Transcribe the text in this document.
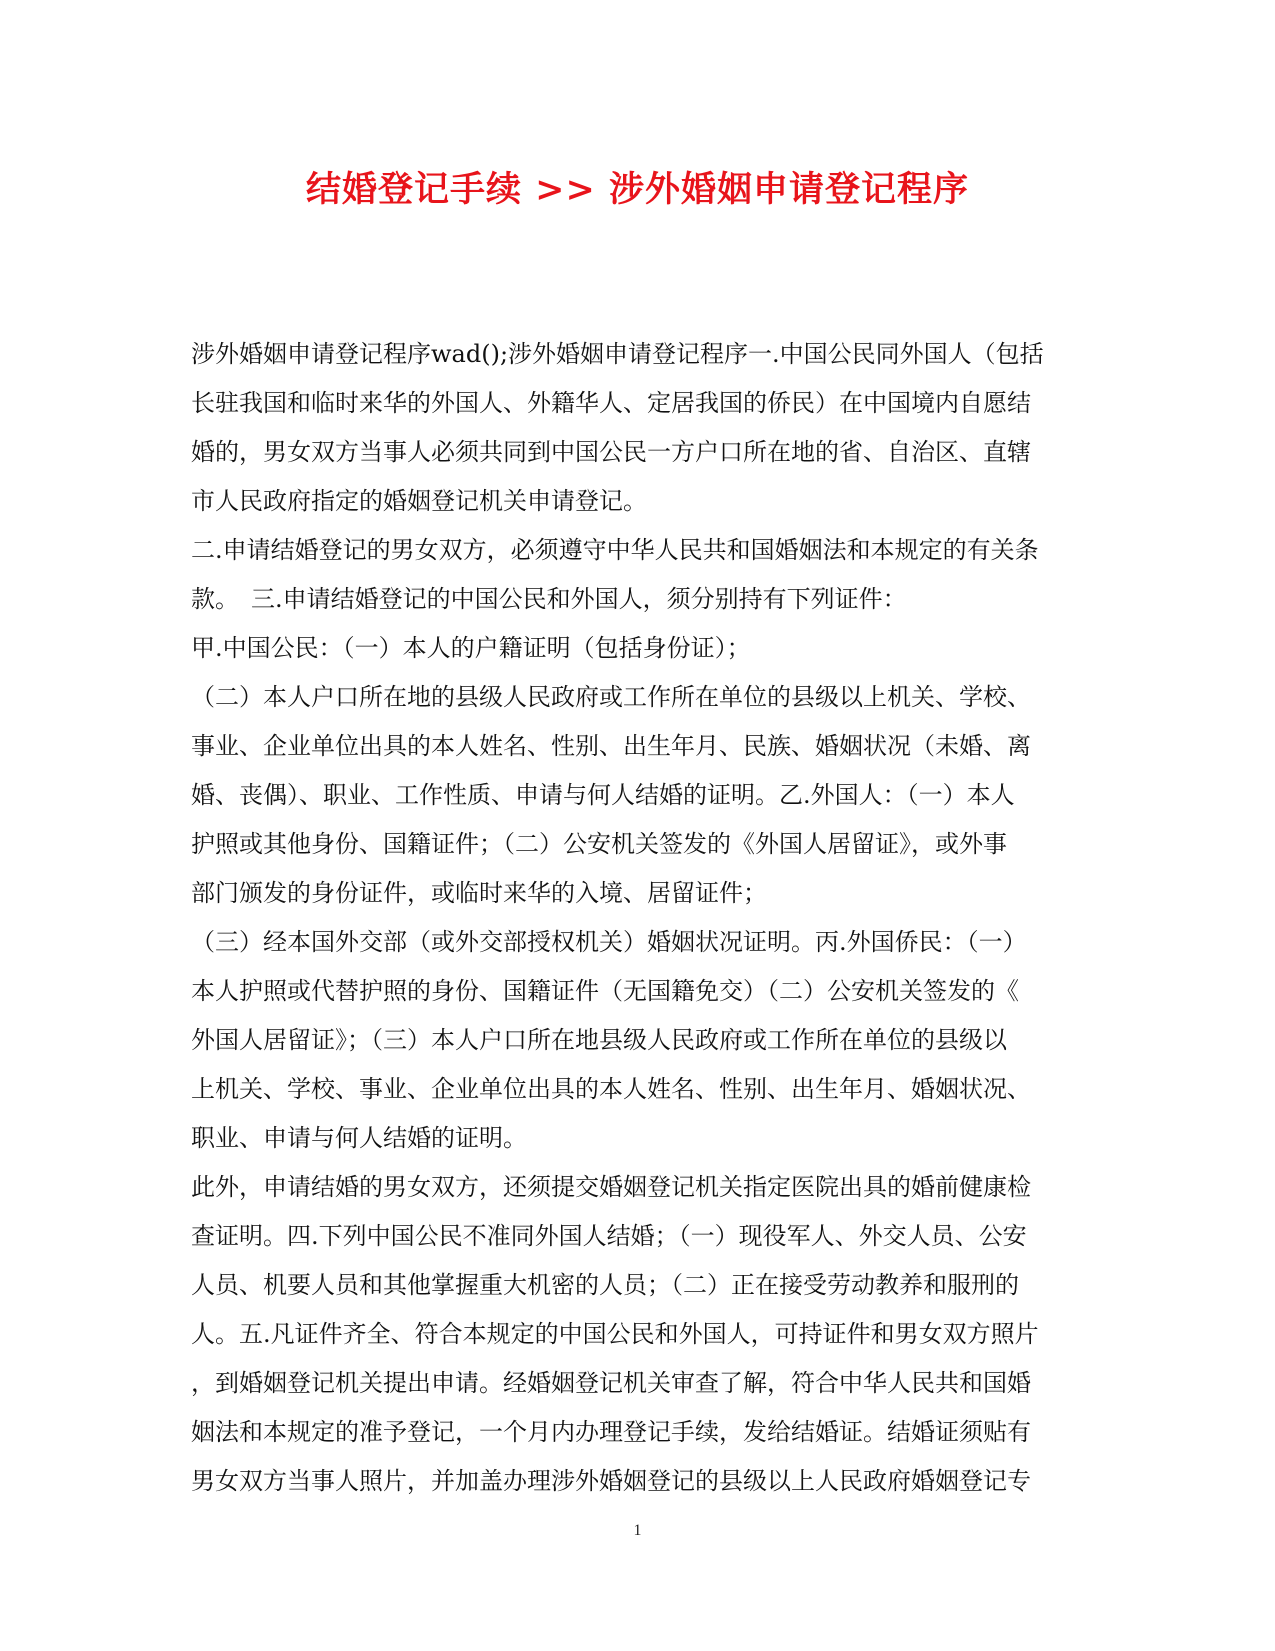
结婚登记手续 >> 涉外婚姻申请登记程序
涉外婚姻申请登记程序wad();涉外婚姻申请登记程序一.中国公民同外国人（包括
长驻我国和临时来华的外国人、外籍华人、定居我国的侨民）在中国境内自愿结
婚的，男女双方当事人必须共同到中国公民一方户口所在地的省、自治区、直辖
市人民政府指定的婚姻登记机关申请登记。
二.申请结婚登记的男女双方，必须遵守中华人民共和国婚姻法和本规定的有关条
款。　三.申请结婚登记的中国公民和外国人，须分别持有下列证件：
甲.中国公民：（一）本人的户籍证明（包括身份证）；
（二）本人户口所在地的县级人民政府或工作所在单位的县级以上机关、学校、
事业、企业单位出具的本人姓名、性别、出生年月、民族、婚姻状况（未婚、离
婚、丧偶）、职业、工作性质、申请与何人结婚的证明。乙.外国人：（一）本人
护照或其他身份、国籍证件；（二）公安机关签发的《外国人居留证》，或外事
部门颁发的身份证件，或临时来华的入境、居留证件；
（三）经本国外交部（或外交部授权机关）婚姻状况证明。丙.外国侨民：（一）
本人护照或代替护照的身份、国籍证件（无国籍免交）（二）公安机关签发的《
外国人居留证》；（三）本人户口所在地县级人民政府或工作所在单位的县级以
上机关、学校、事业、企业单位出具的本人姓名、性别、出生年月、婚姻状况、
职业、申请与何人结婚的证明。
此外，申请结婚的男女双方，还须提交婚姻登记机关指定医院出具的婚前健康检
查证明。四.下列中国公民不准同外国人结婚；（一）现役军人、外交人员、公安
人员、机要人员和其他掌握重大机密的人员；（二）正在接受劳动教养和服刑的
人。五.凡证件齐全、符合本规定的中国公民和外国人，可持证件和男女双方照片
，到婚姻登记机关提出申请。经婚姻登记机关审查了解，符合中华人民共和国婚
姻法和本规定的准予登记，一个月内办理登记手续，发给结婚证。结婚证须贴有
男女双方当事人照片，并加盖办理涉外婚姻登记的县级以上人民政府婚姻登记专
1
